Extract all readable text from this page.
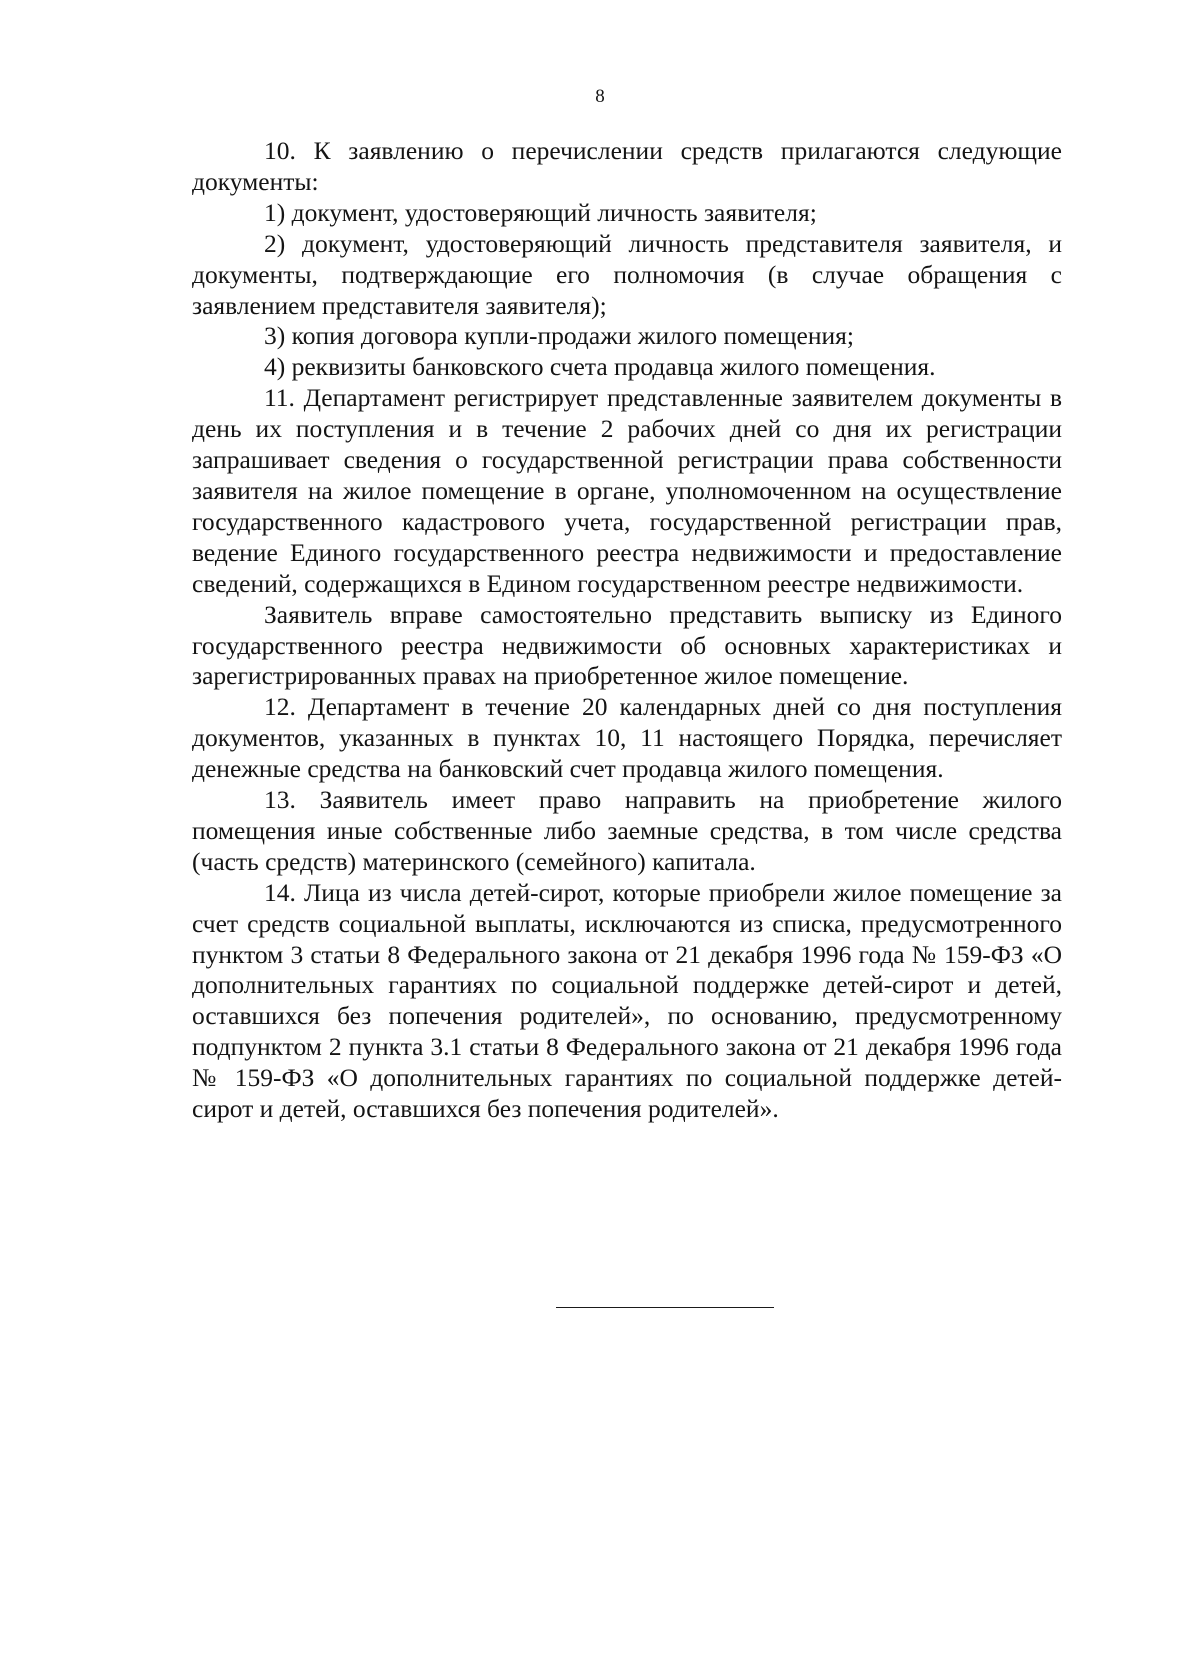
8

10. К заявлению о перечислении средств прилагаются следующие документы:

1) документ, удостоверяющий личность заявителя;

2) документ, удостоверяющий личность представителя заявителя, и документы, подтверждающие его полномочия (в случае обращения с заявлением представителя заявителя);

3) копия договора купли-продажи жилого помещения;

4) реквизиты банковского счета продавца жилого помещения.

11. Департамент регистрирует представленные заявителем документы в день их поступления и в течение 2 рабочих дней со дня их регистрации запрашивает сведения о государственной регистрации права собственности заявителя на жилое помещение в органе, уполномоченном на осуществление государственного кадастрового учета, государственной регистрации прав, ведение Единого государственного реестра недвижимости и предоставление сведений, содержащихся в Едином государственном реестре недвижимости.

Заявитель вправе самостоятельно представить выписку из Единого государственного реестра недвижимости об основных характеристиках и зарегистрированных правах на приобретенное жилое помещение.

12. Департамент в течение 20 календарных дней со дня поступления документов, указанных в пунктах 10, 11 настоящего Порядка, перечисляет денежные средства на банковский счет продавца жилого помещения.

13. Заявитель имеет право направить на приобретение жилого помещения иные собственные либо заемные средства, в том числе средства (часть средств) материнского (семейного) капитала.

14. Лица из числа детей-сирот, которые приобрели жилое помещение за счет средств социальной выплаты, исключаются из списка, предусмотренного пунктом 3 статьи 8 Федерального закона от 21 декабря 1996 года № 159-ФЗ «О дополнительных гарантиях по социальной поддержке детей-сирот и детей, оставшихся без попечения родителей», по основанию, предусмотренному подпунктом 2 пункта 3.1 статьи 8 Федерального закона от 21 декабря 1996 года № 159-ФЗ «О дополнительных гарантиях по социальной поддержке детей-сирот и детей, оставшихся без попечения родителей».
